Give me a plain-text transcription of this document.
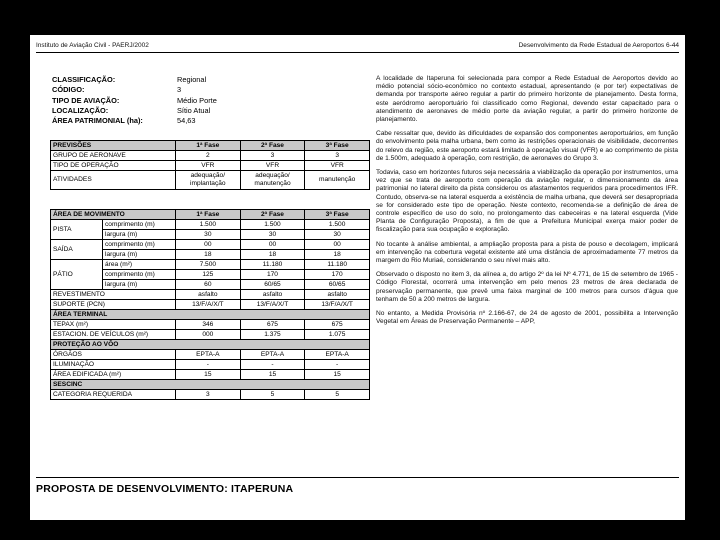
Instituto de Aviação Civil - PAERJ/2002	Desenvolvimento da Rede Estadual de Aeroportos 6-44
CLASSIFICAÇÃO:	Regional
CÓDIGO:	3
TIPO DE AVIAÇÃO:	Médio Porte
LOCALIZAÇÃO:	Sítio Atual
ÁREA PATRIMONIAL (ha):	54,63
PREVISÕES	1ª Fase	2ª Fase	3ª Fase
GRUPO DE AERONAVE	2	3	3
TIPO DE OPERAÇÃO	VFR	VFR	VFR
ATIVIDADES	adequação/ implantação	adequação/ manutenção	manutenção
ÁREA DE MOVIMENTO		1ª Fase	2ª Fase	3ª Fase
PISTA	comprimento (m)	1.500	1.500	1.500
	largura (m)	30	30	30
SAÍDA	comprimento (m)	00	00	00
	largura (m)	18	18	18
PÁTIO	área (m²)	7.500	11.180	11.180
	comprimento (m)	125	170	170
	largura (m)	60	60/65	60/65
REVESTIMENTO		asfalto	asfalto	asfalto
SUPORTE (PCN)		13/F/A/X/T	13/F/A/X/T	13/F/A/X/T
ÁREA TERMINAL				
TEPAX (m²)		346	675	675
ESTACION. DE VEÍCULOS (m²)		000	1.375	1.075
PROTEÇÃO AO VÔO				
ÓRGÃOS		EPTA-A	EPTA-A	EPTA-A
ILUMINAÇÃO		-	-	-
ÁREA EDIFICADA (m²)		15	15	15
SESCINC				
CATEGORIA REQUERIDA		3	5	5

A localidade de Itaperuna foi selecionada para compor a Rede Estadual de Aeroportos devido ao médio potencial sócio-econômico no contexto estadual, apresentando (e por ter) expectativas de demanda por transporte aéreo regular a partir do primeiro horizonte de planejamento. Desta forma, este aeródromo aeroportuário foi classificado como Regional, devendo estar capacitado para o atendimento de aeronaves de médio porte da aviação regular, a partir do primeiro horizonte de planejamento.

Cabe ressaltar que, devido às dificuldades de expansão dos componentes aeroportuários, em função do envolvimento pela malha urbana, bem como às restrições operacionais de visibilidade, decorrentes do relevo da região, este aeroporto estará limitado à operação visual (VFR) e ao comprimento de pista de 1.500m, adequado à operação, com restrição, de aeronaves do Grupo 3.

Todavia, caso em horizontes futuros seja necessária a viabilização da operação por instrumentos, uma vez que se trata de aeroporto com operação da aviação regular, o dimensionamento da área patrimonial no lateral direito da pista considerou os afastamentos requeridos para procedimentos IFR. Contudo, observa-se na lateral esquerda a existência de malha urbana, que deverá ser desapropriada se for considerado este tipo de operação. Neste contexto, recomenda-se a definição de área de controle específico de uso do solo, no prolongamento das cabeceiras e na lateral esquerda (Vide Planta de Configuração Proposta), a fim de que a Prefeitura Municipal exerça maior poder de fiscalização para sua ocupação e exploração.

No tocante à análise ambiental, a ampliação proposta para a pista de pouso e decolagem, implicará em intervenção na cobertura vegetal existente até uma distância de aproximadamente 77 metros da margem do Rio Muriaé, considerando o seu nível mais alto.

Observado o disposto no item 3, da alínea a, do artigo 2º da lei Nº 4.771, de 15 de setembro de 1965 - Código Florestal, ocorrerá uma intervenção em pelo menos 23 metros de área declarada de preservação permanente, que prevê uma faixa marginal de 100 metros para cursos d'água que tenham de 50 a 200 metros de largura.

No entanto, a Medida Provisória nº 2.166-67, de 24 de agosto de 2001, possibilita a Intervenção Vegetal em Áreas de Preservação Permanente – APP,

PROPOSTA DE DESENVOLVIMENTO: ITAPERUNA
